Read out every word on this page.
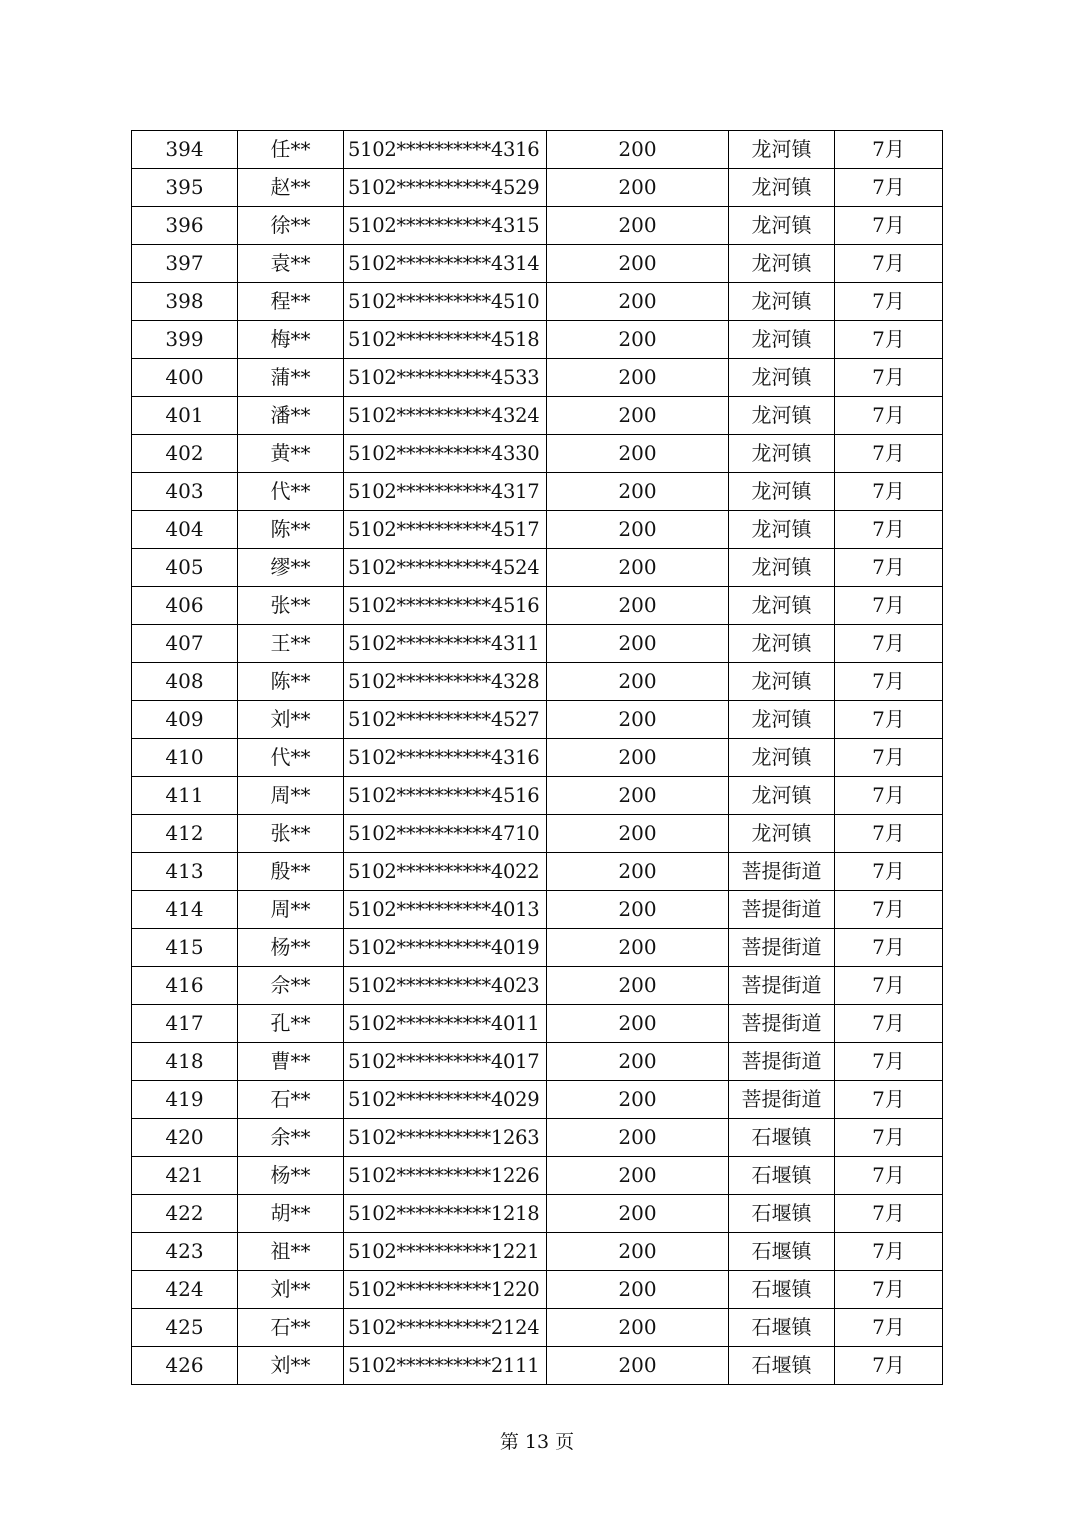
394	任**	5102**********4316	200	龙河镇	7月
395	赵**	5102**********4529	200	龙河镇	7月
396	徐**	5102**********4315	200	龙河镇	7月
397	袁**	5102**********4314	200	龙河镇	7月
398	程**	5102**********4510	200	龙河镇	7月
399	梅**	5102**********4518	200	龙河镇	7月
400	蒲**	5102**********4533	200	龙河镇	7月
401	潘**	5102**********4324	200	龙河镇	7月
402	黄**	5102**********4330	200	龙河镇	7月
403	代**	5102**********4317	200	龙河镇	7月
404	陈**	5102**********4517	200	龙河镇	7月
405	缪**	5102**********4524	200	龙河镇	7月
406	张**	5102**********4516	200	龙河镇	7月
407	王**	5102**********4311	200	龙河镇	7月
408	陈**	5102**********4328	200	龙河镇	7月
409	刘**	5102**********4527	200	龙河镇	7月
410	代**	5102**********4316	200	龙河镇	7月
411	周**	5102**********4516	200	龙河镇	7月
412	张**	5102**********4710	200	龙河镇	7月
413	殷**	5102**********4022	200	菩提街道	7月
414	周**	5102**********4013	200	菩提街道	7月
415	杨**	5102**********4019	200	菩提街道	7月
416	佘**	5102**********4023	200	菩提街道	7月
417	孔**	5102**********4011	200	菩提街道	7月
418	曹**	5102**********4017	200	菩提街道	7月
419	石**	5102**********4029	200	菩提街道	7月
420	余**	5102**********1263	200	石堰镇	7月
421	杨**	5102**********1226	200	石堰镇	7月
422	胡**	5102**********1218	200	石堰镇	7月
423	祖**	5102**********1221	200	石堰镇	7月
424	刘**	5102**********1220	200	石堰镇	7月
425	石**	5102**********2124	200	石堰镇	7月
426	刘**	5102**********2111	200	石堰镇	7月
第 13 页
